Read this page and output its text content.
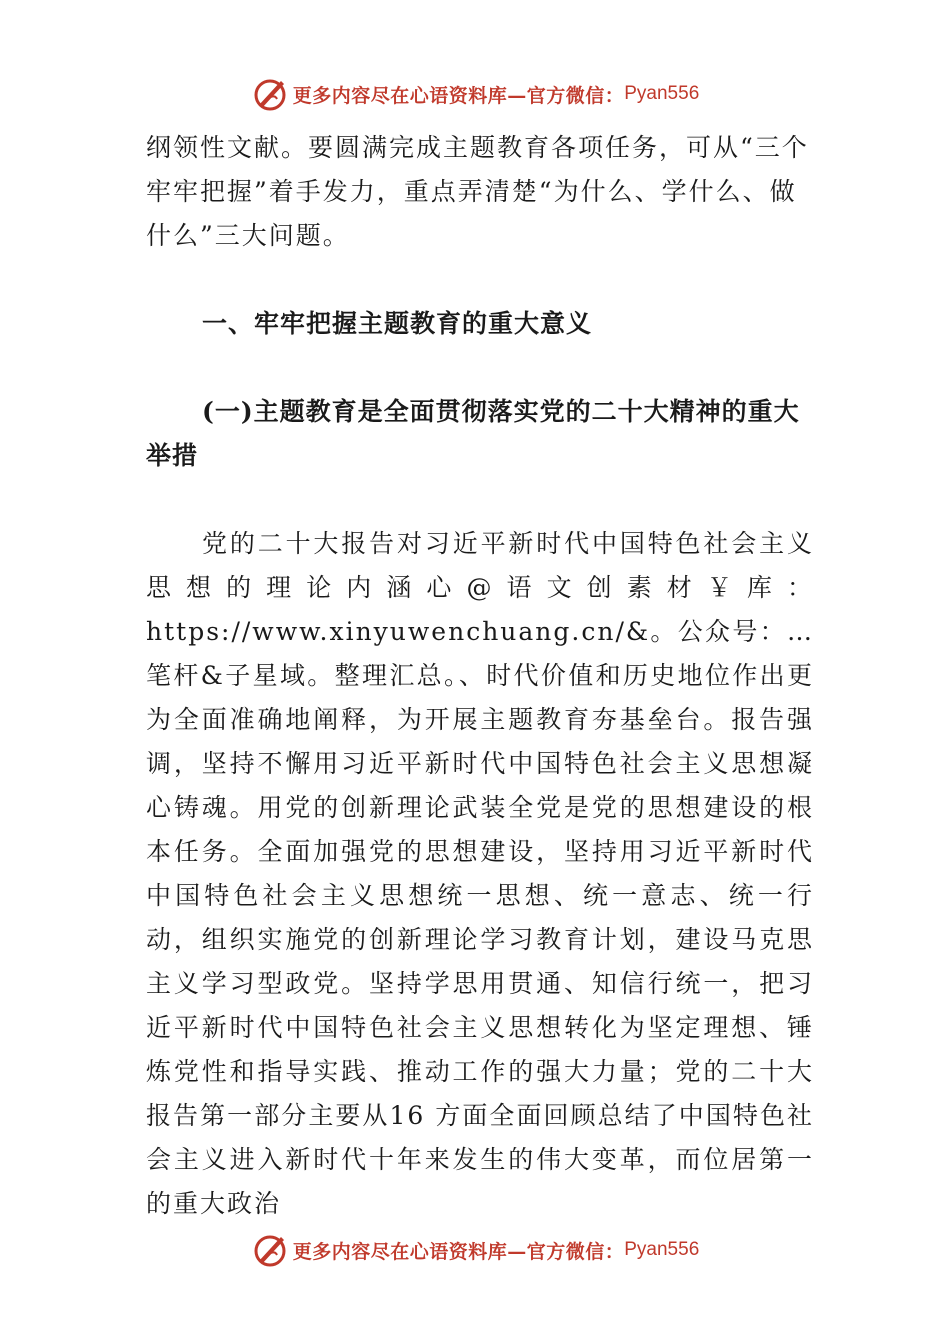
更多内容尽在心语资料库—官方微信： Pyan556

纲领性文献。要圆满完成主题教育各项任务，可从“三个牢牢把握”着手发力，重点弄清楚“为什么、学什么、做什么”三大问题。

一、牢牢把握主题教育的重大意义

(一)主题教育是全面贯彻落实党的二十大精神的重大举措

党的二十大报告对习近平新时代中国特色社会主义思想的理论内涵心@语文创素材￥库：https://www.xinyuwenchuang.cn/&。公众号：…笔杆&子星域。整理汇总。、时代价值和历史地位作出更为全面准确地阐释，为开展主题教育夯基垒台。报告强调，坚持不懈用习近平新时代中国特色社会主义思想凝心铸魂。用党的创新理论武装全党是党的思想建设的根本任务。全面加强党的思想建设，坚持用习近平新时代中国特色社会主义思想统一思想、统一意志、统一行动，组织实施党的创新理论学习教育计划，建设马克思主义学习型政党。坚持学思用贯通、知信行统一，把习近平新时代中国特色社会主义思想转化为坚定理想、锤炼党性和指导实践、推动工作的强大力量；党的二十大报告第一部分主要从16 方面全面回顾总结了中国特色社会主义进入新时代十年来发生的伟大变革，而位居第一的重大政治

更多内容尽在心语资料库—官方微信： Pyan556
